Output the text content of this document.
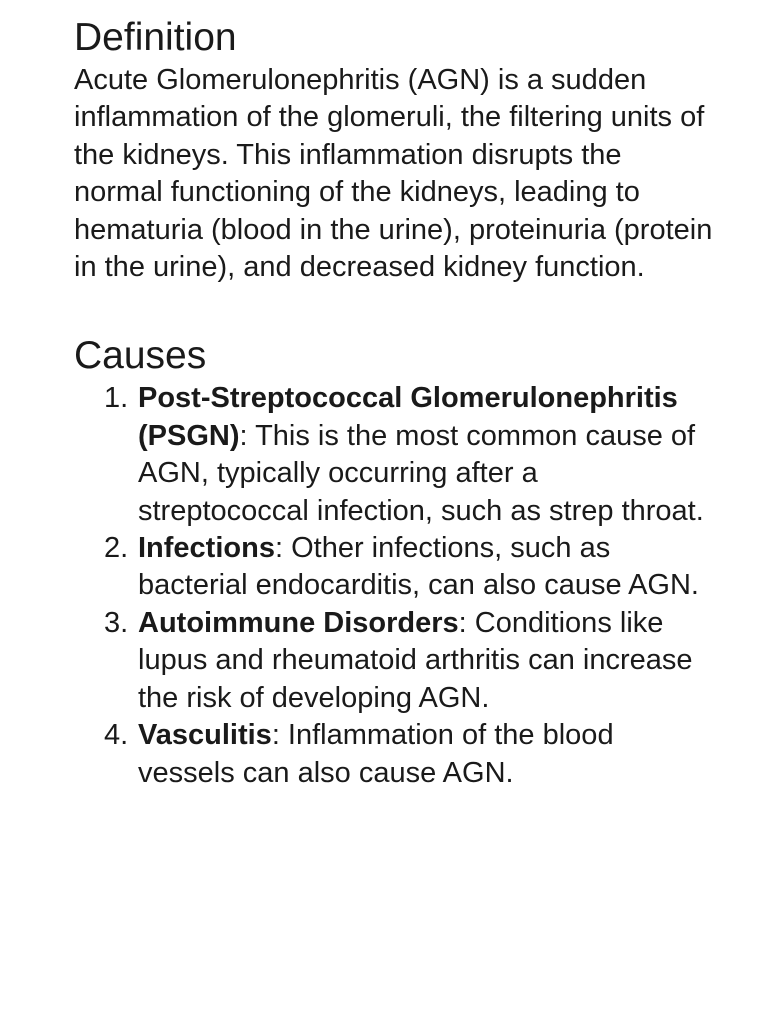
Definition

Acute Glomerulonephritis (AGN) is a sudden inflammation of the glomeruli, the filtering units of the kidneys. This inflammation disrupts the normal functioning of the kidneys, leading to hematuria (blood in the urine), proteinuria (protein in the urine), and decreased kidney function.

Causes
1. Post-Streptococcal Glomerulonephritis (PSGN): This is the most common cause of AGN, typically occurring after a streptococcal infection, such as strep throat.
2. Infections: Other infections, such as bacterial endocarditis, can also cause AGN.
3. Autoimmune Disorders: Conditions like lupus and rheumatoid arthritis can increase the risk of developing AGN.
4. Vasculitis: Inflammation of the blood vessels can also cause AGN.
